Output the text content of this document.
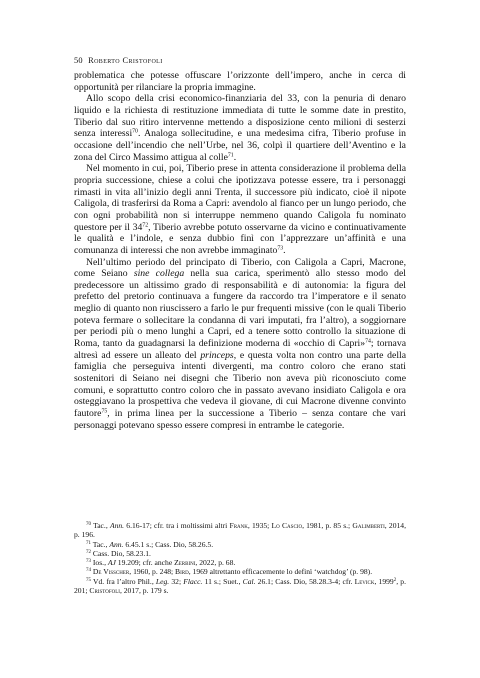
50 Roberto Cristofoli

problematica che potesse offuscare l’orizzonte dell’impero, anche in cerca di opportunità per rilanciare la propria immagine.

Allo scopo della crisi economico-finanziaria del 33, con la penuria di denaro liquido e la richiesta di restituzione immediata di tutte le somme date in prestito, Tiberio dal suo ritiro intervenne mettendo a disposizione cento milioni di sesterzi senza interessi$^{70}$. Analoga sollecitudine, e una medesima cifra, Tiberio profuse in occasione dell’incendio che nell’Urbe, nel 36, colpì il quartiere dell’Aventino e la zona del Circo Massimo attigua al colle$^{71}$.

Nel momento in cui, poi, Tiberio prese in attenta considerazione il problema della propria successione, chiese a colui che ipotizzava potesse essere, tra i personaggi rimasti in vita all’inizio degli anni Trenta, il successore più indicato, cioè il nipote Caligola, di trasferirsi da Roma a Capri: avendolo al fianco per un lungo periodo, che con ogni probabilità non si interruppe nemmeno quando Caligola fu nominato questore per il $34^{72}$, Tiberio avrebbe potuto osservarne da vicino e continuativamente le qualità e l’indole, e senza dubbio finì con l’apprezzare un’affinità e una comunanza di interessi che non avrebbe immaginato$^{73}$.

Nell’ultimo periodo del principato di Tiberio, con Caligola a Capri, Macrone, come Seiano sine collega nella sua carica, sperimentò allo stesso modo del predecessore un altissimo grado di responsabilità e di autonomia: la figura del prefetto del pretorio continuava a fungere da raccordo tra l’imperatore e il senato meglio di quanto non riuscissero a farlo le pur frequenti missive (con le quali Tiberio poteva fermare o sollecitare la condanna di vari imputati, fra l’altro), a soggiornare per periodi più o meno lunghi a Capri, ed a tenere sotto controllo la situazione di Roma, tanto da guadagnarsi la definizione moderna di «occhio di Capri»$^{74}$; tornava altresì ad essere un alleato del princeps, e questa volta non contro una parte della famiglia che perseguiva intenti divergenti, ma contro coloro che erano stati sostenitori di Seiano nei disegni che Tiberio non aveva più riconosciuto come comuni, e soprattutto contro coloro che in passato avevano insidiato Caligola e ora osteggiavano la prospettiva che vedeva il giovane, di cui Macrone divenne convinto fautore$^{75}$, in prima linea per la successione a Tiberio – senza contare che vari personaggi potevano spesso essere compresi in entrambe le categorie.

$^{70}$ Tac., Ann. 6.16-17; cfr. tra i moltissimi altri Frank, 1935; Lo Cascio, 1981, p. 85 s.; Galimberti, 2014, p. 196.

$^{71}$ Tac., Ann. 6.45.1 s.; Cass. Dio, 58.26.5.

$^{72}$ Cass. Dio, 58.23.1.

$^{73}$ Ios., AJ 19.209; cfr. anche Zerbini, 2022, p. 68.

$^{74}$ De Visscher, 1960, p. 248; Bird, 1969 altrettanto efficacemente lo definì ‘watchdog’ (p. 98).

$^{75}$ Vd. fra l’altro Phil., Leg. 32; Flacc. 11 s.; Suet., Cal. 26.1; Cass. Dio, 58.28.3-4; cfr. Levick, 1999$^2$, p. 201; Cristofoli, 2017, p. 179 s.
